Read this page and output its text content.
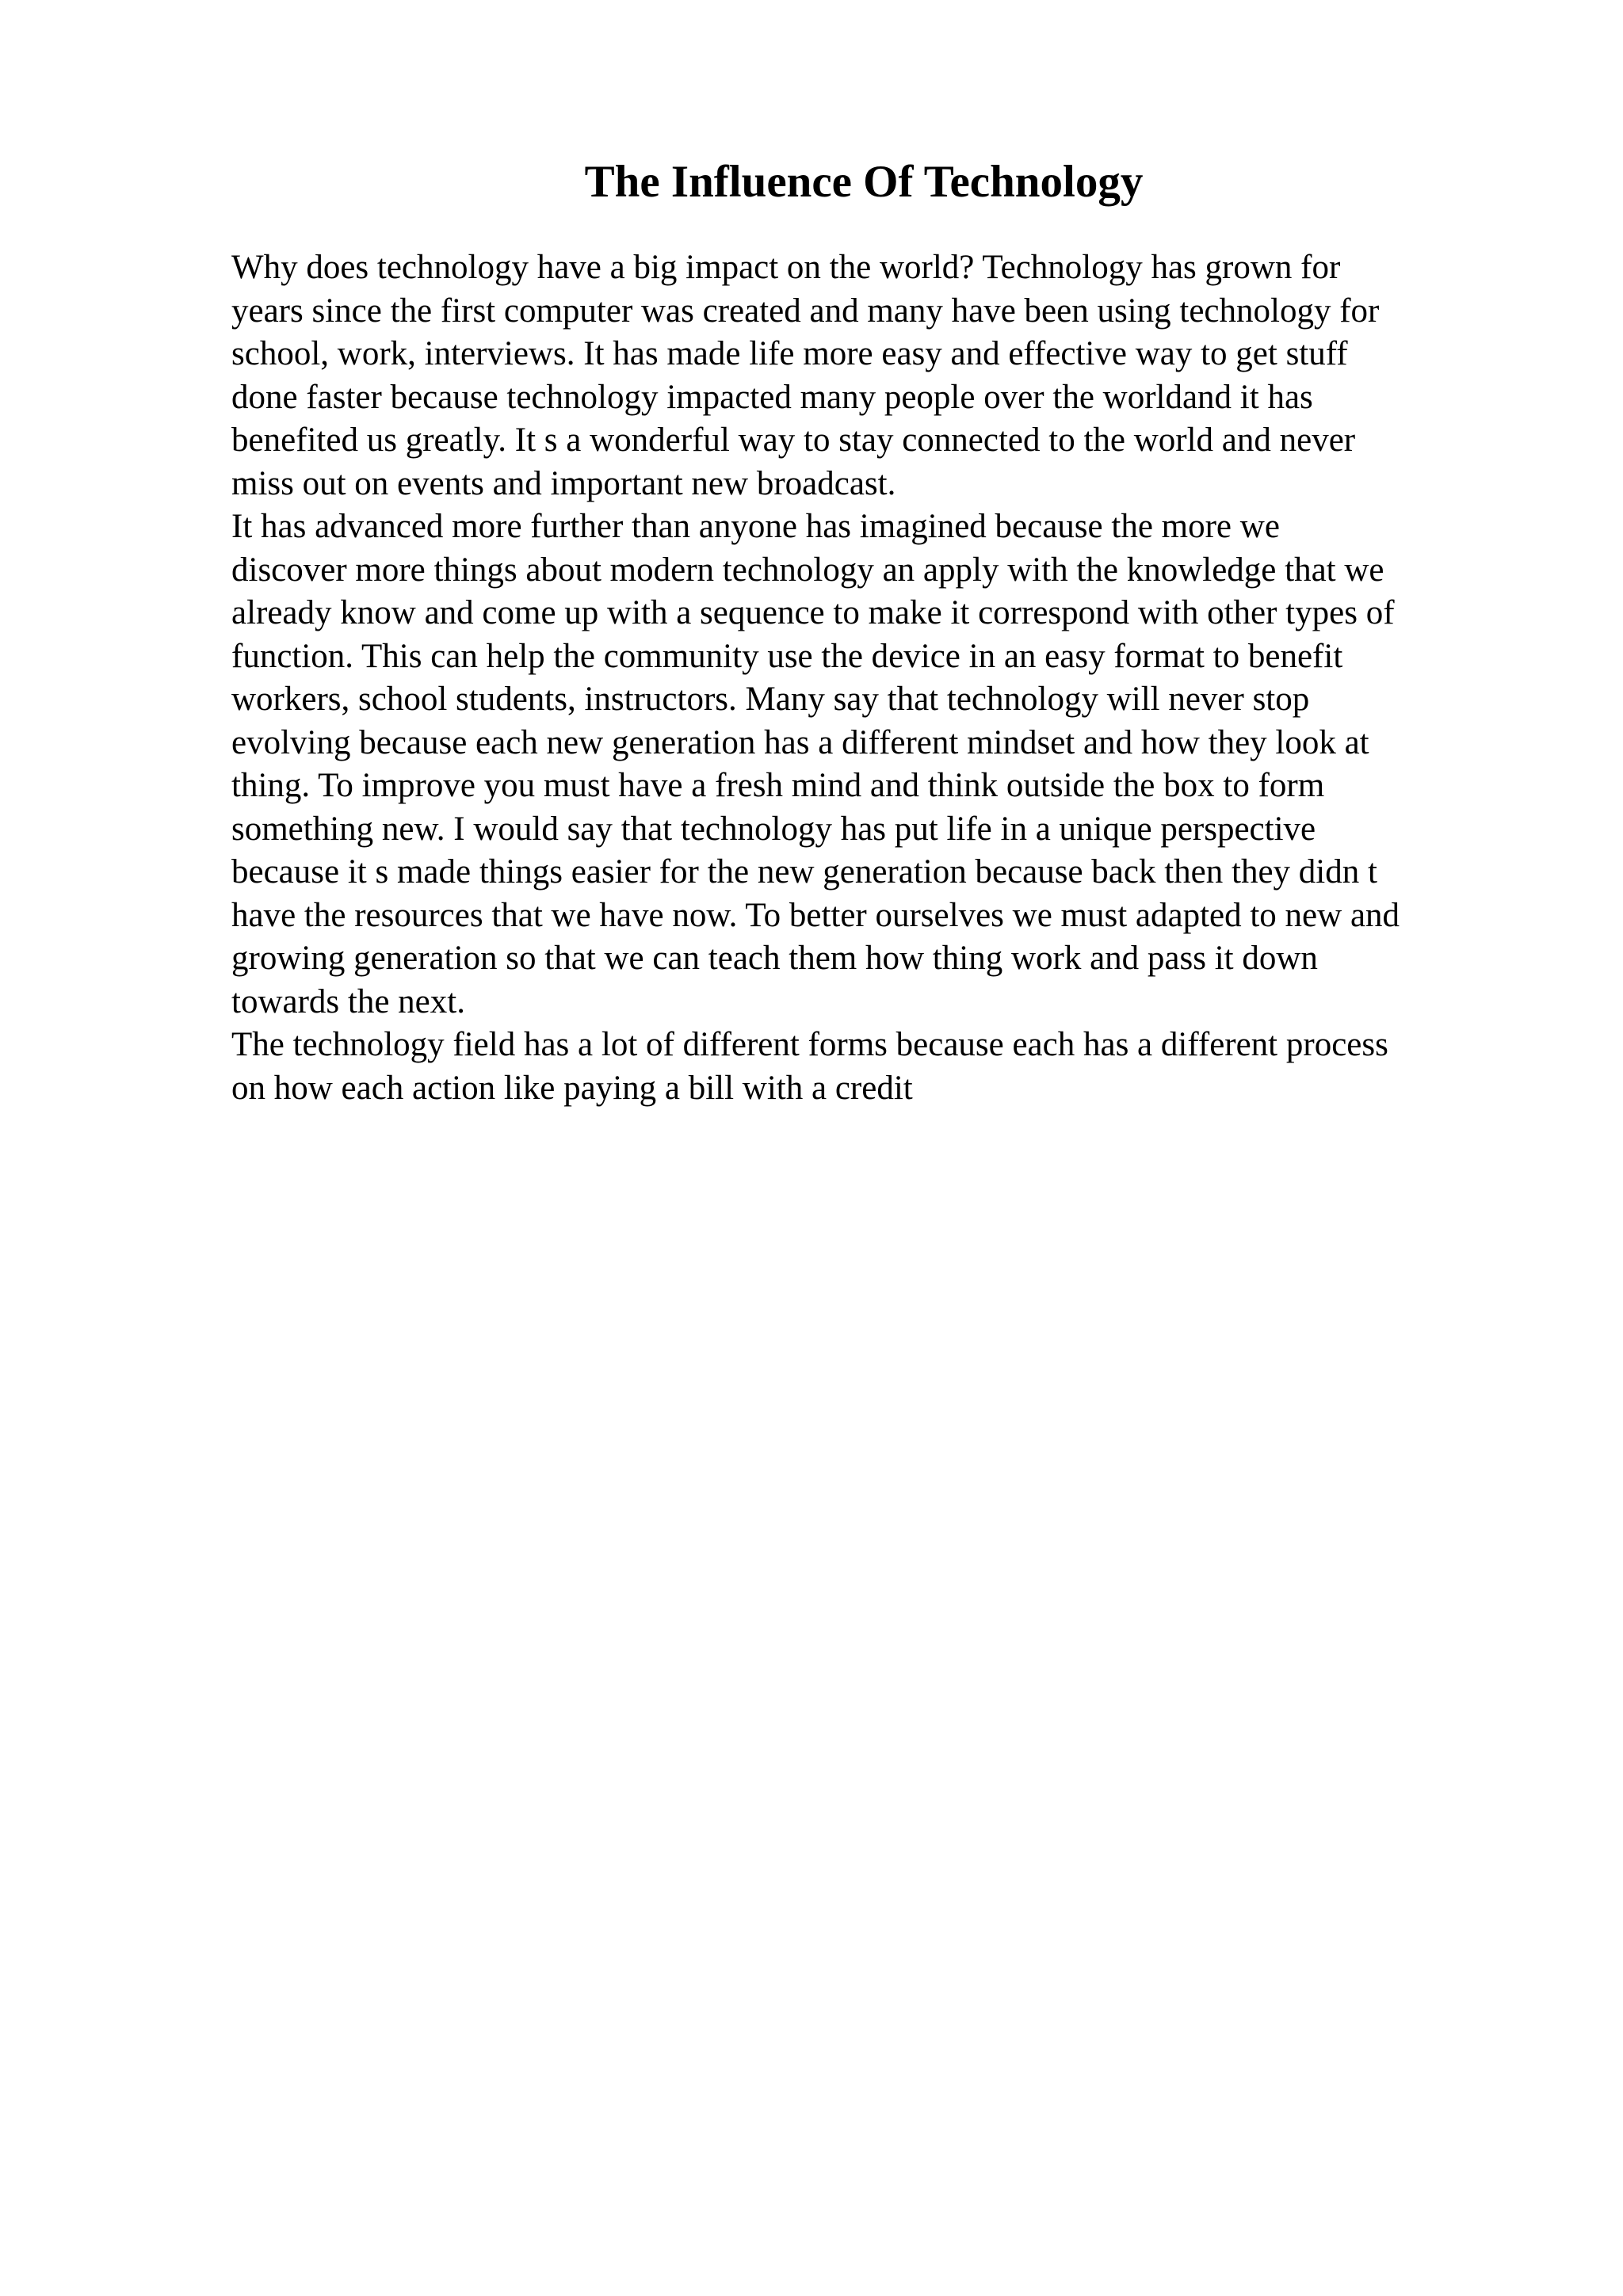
The Influence Of Technology
Why does technology have a big impact on the world? Technology has grown for
years since the first computer was created and many have been using technology for
school, work, interviews. It has made life more easy and effective way to get stuff
done faster because technology impacted many people over the worldand it has
benefited us greatly. It s a wonderful way to stay connected to the world and never
miss out on events and important new broadcast.
It has advanced more further than anyone has imagined because the more we
discover more things about modern technology an apply with the knowledge that we
already know and come up with a sequence to make it correspond with other types of
function. This can help the community use the device in an easy format to benefit
workers, school students, instructors. Many say that technology will never stop
evolving because each new generation has a different mindset and how they look at
thing. To improve you must have a fresh mind and think outside the box to form
something new. I would say that technology has put life in a unique perspective
because it s made things easier for the new generation because back then they didn t
have the resources that we have now. To better ourselves we must adapted to new and
growing generation so that we can teach them how thing work and pass it down
towards the next.
The technology field has a lot of different forms because each has a different process
on how each action like paying a bill with a credit
